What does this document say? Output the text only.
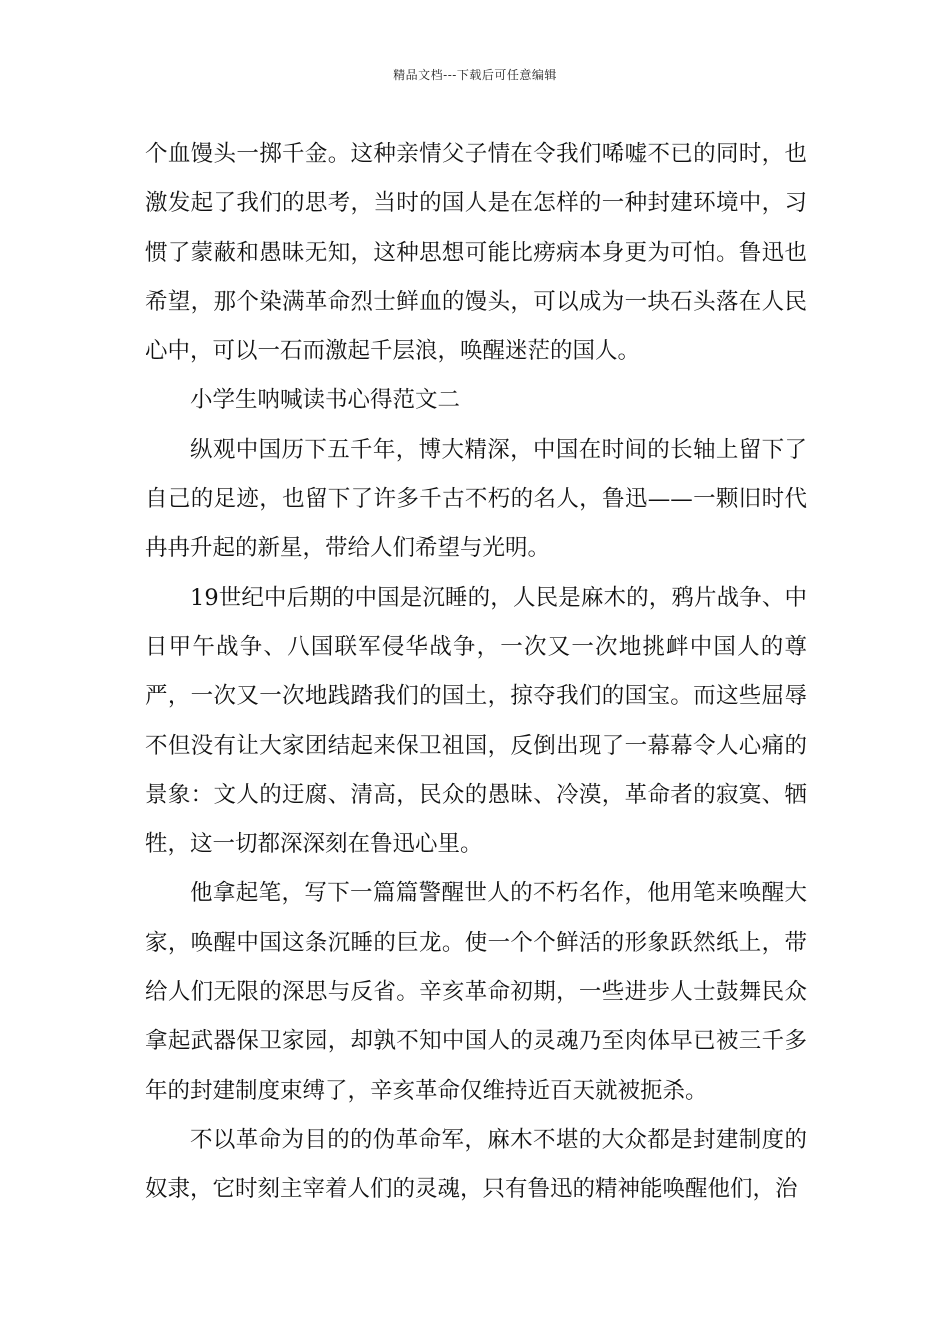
精品文档---下载后可任意编辑

个血馒头一掷千金。这种亲情父子情在令我们唏嘘不已的同时，也激发起了我们的思考，当时的国人是在怎样的一种封建环境中，习惯了蒙蔽和愚昧无知，这种思想可能比痨病本身更为可怕。鲁迅也希望，那个染满革命烈士鲜血的馒头，可以成为一块石头落在人民心中，可以一石而激起千层浪，唤醒迷茫的国人。

小学生呐喊读书心得范文二

纵观中国历下五千年，博大精深，中国在时间的长轴上留下了自己的足迹，也留下了许多千古不朽的名人，鲁迅——一颗旧时代冉冉升起的新星，带给人们希望与光明。

19世纪中后期的中国是沉睡的，人民是麻木的，鸦片战争、中日甲午战争、八国联军侵华战争，一次又一次地挑衅中国人的尊严，一次又一次地践踏我们的国土，掠夺我们的国宝。而这些屈辱不但没有让大家团结起来保卫祖国，反倒出现了一幕幕令人心痛的景象：文人的迂腐、清高，民众的愚昧、冷漠，革命者的寂寞、牺牲，这一切都深深刻在鲁迅心里。

他拿起笔，写下一篇篇警醒世人的不朽名作，他用笔来唤醒大家，唤醒中国这条沉睡的巨龙。使一个个鲜活的形象跃然纸上，带给人们无限的深思与反省。辛亥革命初期，一些进步人士鼓舞民众拿起武器保卫家园，却孰不知中国人的灵魂乃至肉体早已被三千多年的封建制度束缚了，辛亥革命仅维持近百天就被扼杀。

不以革命为目的的伪革命军，麻木不堪的大众都是封建制度的奴隶，它时刻主宰着人们的灵魂，只有鲁迅的精神能唤醒他们，治
